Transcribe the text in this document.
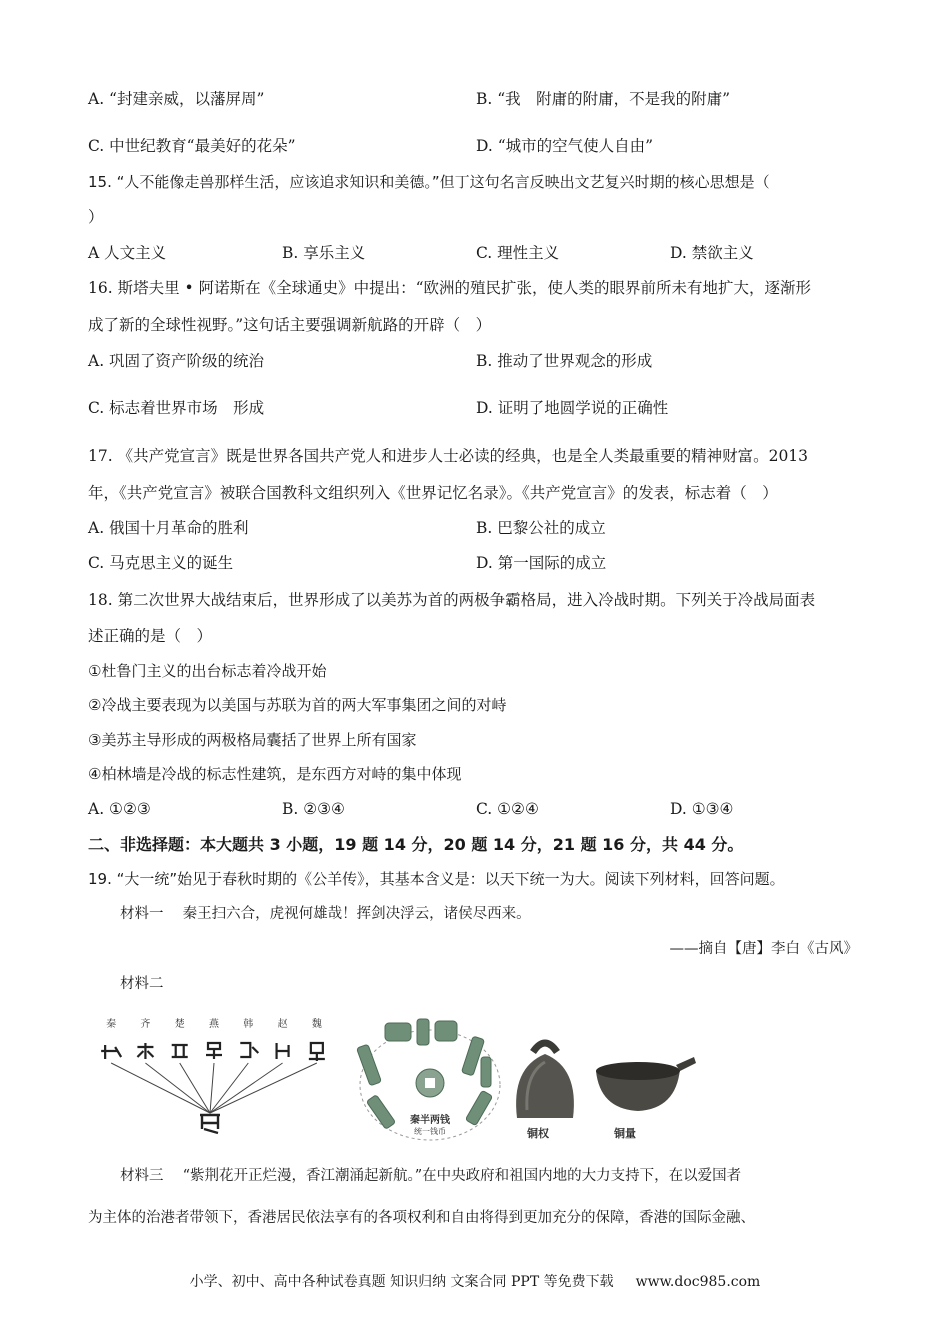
A. “封建亲威，以藩屏周”	B. “我　附庸的附庸，不是我的附庸”
C. 中世纪教育“最美好的花朵”	D. “城市的空气使人自由”
15. “人不能像走兽那样生活，应该追求知识和美德。”但丁这句名言反映出文艺复兴时期的核心思想是（
）
A 人文主义	B. 享乐主义	C. 理性主义	D. 禁欲主义
16. 斯塔夫里 • 阿诺斯在《全球通史》中提出：“欧洲的殖民扩张，使人类的眼界前所未有地扩大，逐渐形
成了新的全球性视野。”这句话主要强调新航路的开辟（　）
A. 巩固了资产阶级的统治	B. 推动了世界观念的形成
C. 标志着世界市场　形成	D. 证明了地圆学说的正确性
17. 《共产党宣言》既是世界各国共产党人和进步人士必读的经典，也是全人类最重要的精神财富。2013
年，《共产党宣言》被联合国教科文组织列入《世界记忆名录》。《共产党宣言》的发表，标志着（　）
A. 俄国十月革命的胜利	B. 巴黎公社的成立
C. 马克思主义的诞生	D. 第一国际的成立
18. 第二次世界大战结束后，世界形成了以美苏为首的两极争霸格局，进入冷战时期。下列关于冷战局面表
述正确的是（　）
①杜鲁门主义的出台标志着冷战开始
②冷战主要表现为以美国与苏联为首的两大军事集团之间的对峙
③美苏主导形成的两极格局囊括了世界上所有国家
④柏林墙是冷战的标志性建筑，是东西方对峙的集中体现
A. ①②③	B. ②③④	C. ①②④	D. ①③④
二、非选择题：本大题共 3 小题，19 题 14 分，20 题 14 分，21 题 16 分，共 44 分。
19. “大一统”始见于春秋时期的《公羊传》，其基本含义是：以天下统一为大。阅读下列材料，回答问题。
材料一　 秦王扫六合，虎视何雄哉！挥剑决浮云，诸侯尽西来。
——摘自【唐】李白《古风》
材料二
秦 齐 楚 燕 韩 赵 魏
秦半两钱
统一钱币	铜权	铜量
材料三　 “紫荆花开正烂漫，香江潮涌起新航。”在中央政府和祖国内地的大力支持下，在以爱国者
为主体的治港者带领下，香港居民依法享有的各项权利和自由将得到更加充分的保障，香港的国际金融、
小学、初中、高中各种试卷真题 知识归纳 文案合同 PPT 等免费下载 www.doc985.com
